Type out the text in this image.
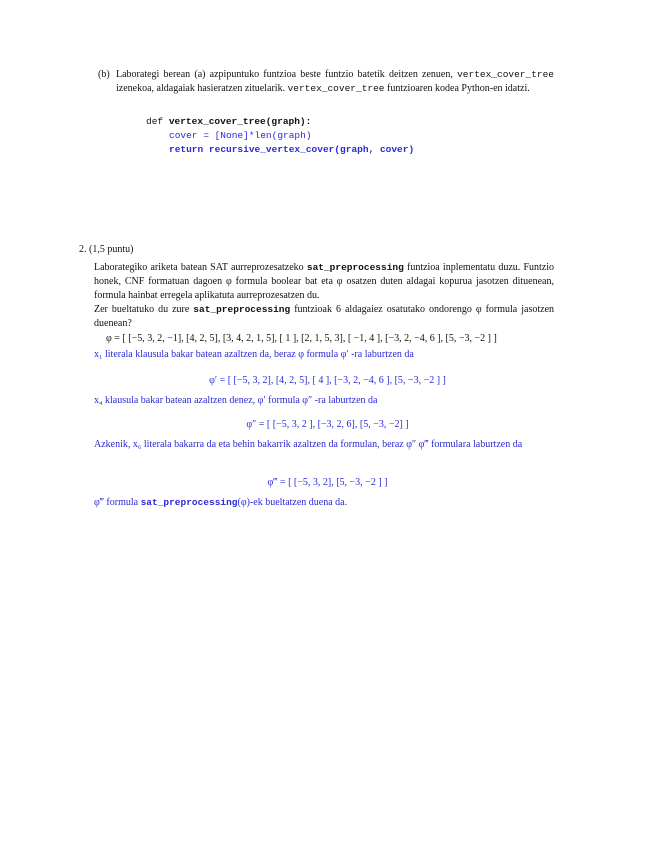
(b) Laborategi berean (a) azpipuntuko funtzioa beste funtzio batetik deitzen zenuen, vertex_cover_tree izenekoa, aldagaiak hasieratzen zituelarik. vertex_cover_tree funtzioaren kodea Python-en idatzi.
def vertex_cover_tree(graph):
cover = [None]*len(graph)
return recursive_vertex_cover(graph, cover)
2. (1,5 puntu)
Laborategiko ariketa batean SAT aurreprozesatzeko sat_preprocessing funtzioa inplementatu duzu. Funtzio honek, CNF formatuan dagoen φ formula boolear bat eta φ osatzen duten aldagai kopurua jasotzen dituenean, formula hainbat erregela aplikatuta aurreprozesatzen du.
Zer bueltatuko du zure sat_preprocessing funtzioak 6 aldagaiez osatutako ondorengo φ formula jasotzen duenean?
φ = [ [−5, 3, 2, −1], [4, 2, 5], [3, 4, 2, 1, 5], [ 1 ], [2, 1, 5, 3], [ −1, 4 ], [−3, 2, −4, 6 ], [5, −3, −2 ] ]
x₁ literala klausula bakar batean azaltzen da, beraz φ formula φ′ -ra laburtzen da
φ′ = [ [−5, 3, 2], [4, 2, 5], [ 4 ], [−3, 2, −4, 6 ], [5, −3, −2 ] ]
x₄ klausula bakar batean azaltzen denez, φ′ formula φ″ -ra laburtzen da
φ″ = [ [−5, 3, 2 ], [−3, 2, 6], [5, −3, −2] ]
Azkenik, x₆ literala bakarra da eta behin bakarrik azaltzen da formulan, beraz φ″ φ‴ formulara laburtzen da
φ‴ = [ [−5, 3, 2], [5, −3, −2 ] ]
φ‴ formula sat_preprocessing(φ)-ek bueltatzen duena da.
